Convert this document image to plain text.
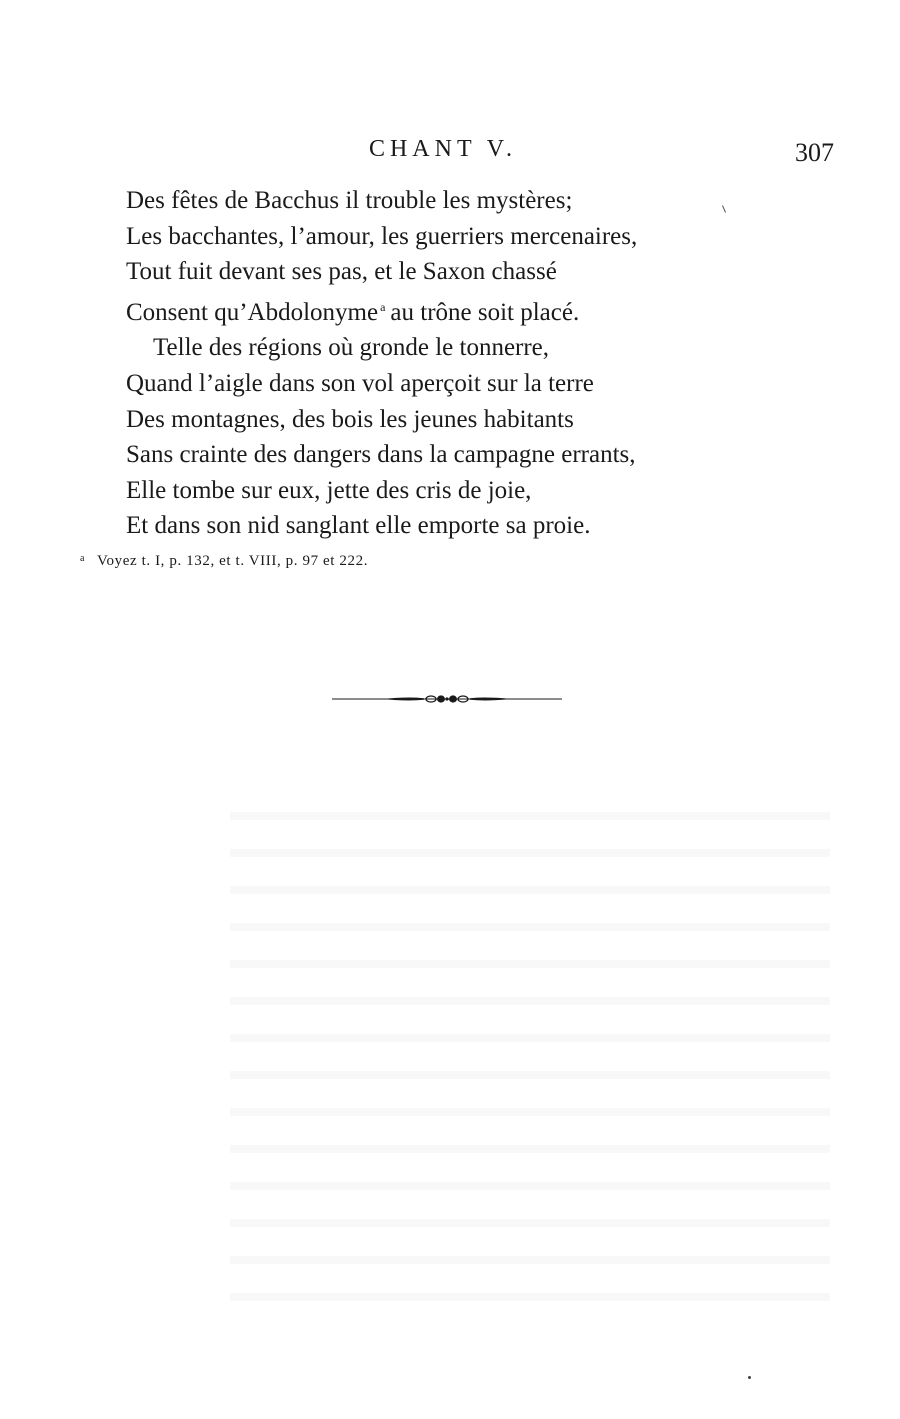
CHANT V.	307
Des fêtes de Bacchus il trouble les mystères;
Les bacchantes, l’amour, les guerriers mercenaires,
Tout fuit devant ses pas, et le Saxon chassé
Consent qu’Abdolonyme $^a$ au trône soit placé.
Telle des régions où gronde le tonnerre,
Quand l’aigle dans son vol aperçoit sur la terre
Des montagnes, des bois les jeunes habitants
Sans crainte des dangers dans la campagne errants,
Elle tombe sur eux, jette des cris de joie,
Et dans son nid sanglant elle emporte sa proie.
$^a$ Voyez t. I, p. 132, et t. VIII, p. 97 et 222.
